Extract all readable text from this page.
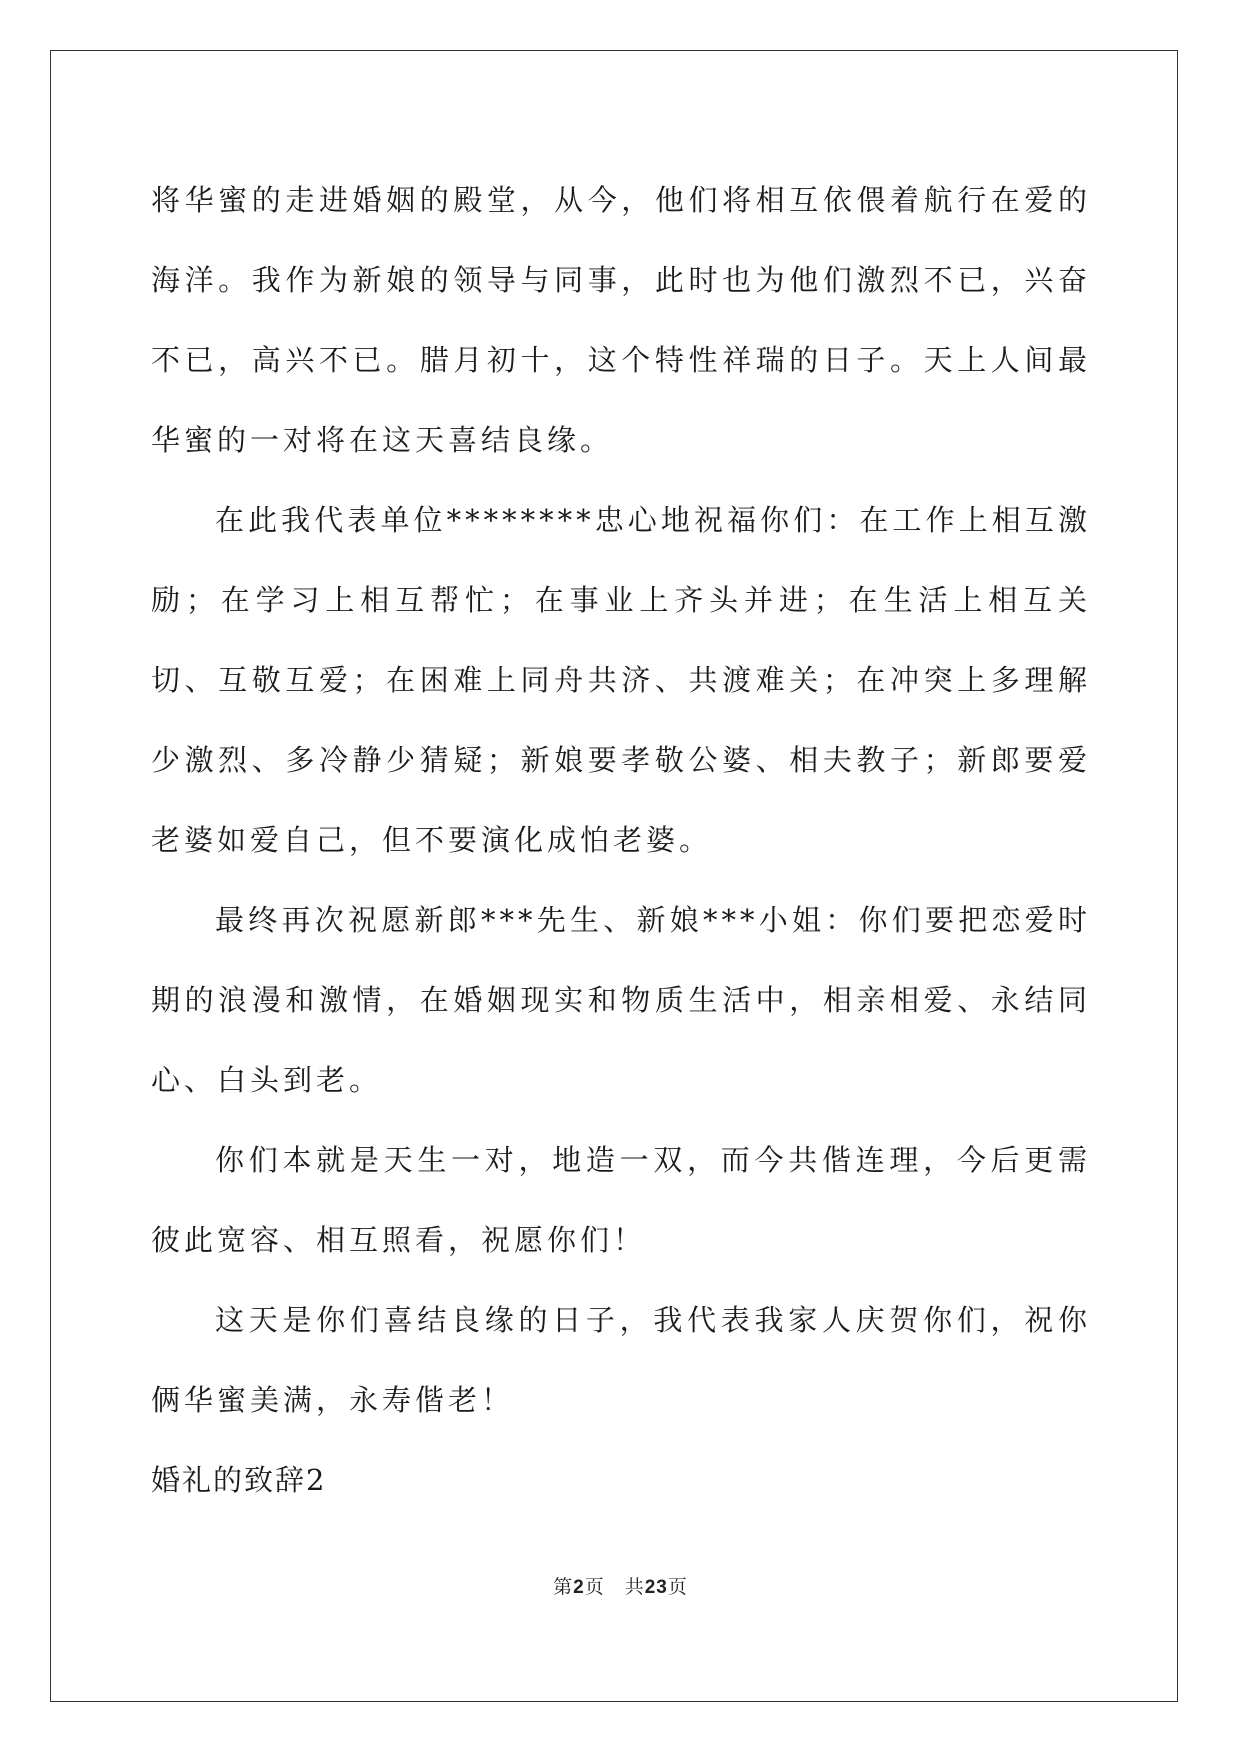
将华蜜的走进婚姻的殿堂，从今，他们将相互依偎着航行在爱的海洋。我作为新娘的领导与同事，此时也为他们激烈不已，兴奋不已，高兴不已。腊月初十，这个特性祥瑞的日子。天上人间最华蜜的一对将在这天喜结良缘。

在此我代表单位********忠心地祝福你们：在工作上相互激励；在学习上相互帮忙；在事业上齐头并进；在生活上相互关切、互敬互爱；在困难上同舟共济、共渡难关；在冲突上多理解少激烈、多冷静少猜疑；新娘要孝敬公婆、相夫教子；新郎要爱老婆如爱自己，但不要演化成怕老婆。

最终再次祝愿新郎***先生、新娘***小姐：你们要把恋爱时期的浪漫和激情，在婚姻现实和物质生活中，相亲相爱、永结同心、白头到老。

你们本就是天生一对，地造一双，而今共偕连理，今后更需彼此宽容、相互照看，祝愿你们！

这天是你们喜结良缘的日子，我代表我家人庆贺你们，祝你俩华蜜美满，永寿偕老！

婚礼的致辞2

第2页　共23页
